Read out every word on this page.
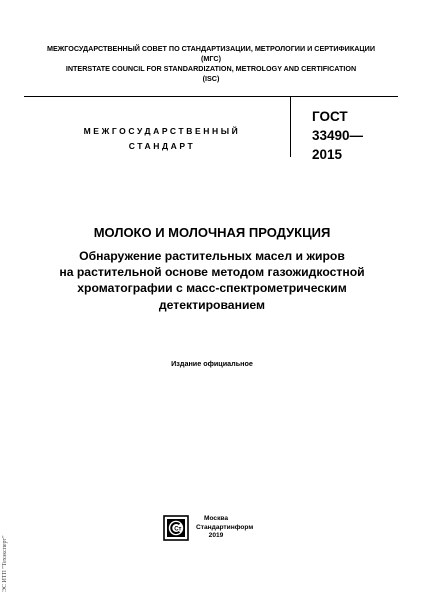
МЕЖГОСУДАРСТВЕННЫЙ СОВЕТ ПО СТАНДАРТИЗАЦИИ, МЕТРОЛОГИИ И СЕРТИФИКАЦИИ
(МГС)
INTERSTATE COUNCIL FOR STANDARDIZATION, METROLOGY AND CERTIFICATION
(ISC)
МЕЖГОСУДАРСТВЕННЫЙ
СТАНДАРТ
ГОСТ
33490—
2015
МОЛОКО И МОЛОЧНАЯ ПРОДУКЦИЯ
Обнаружение растительных масел и жиров
на растительной основе методом газожидкостной
хроматографии с масс-спектрометрическим
детектированием
Издание официальное
Ст
Москва
Стандартинформ
2019
ЭС ИТП "Техэксперт"
